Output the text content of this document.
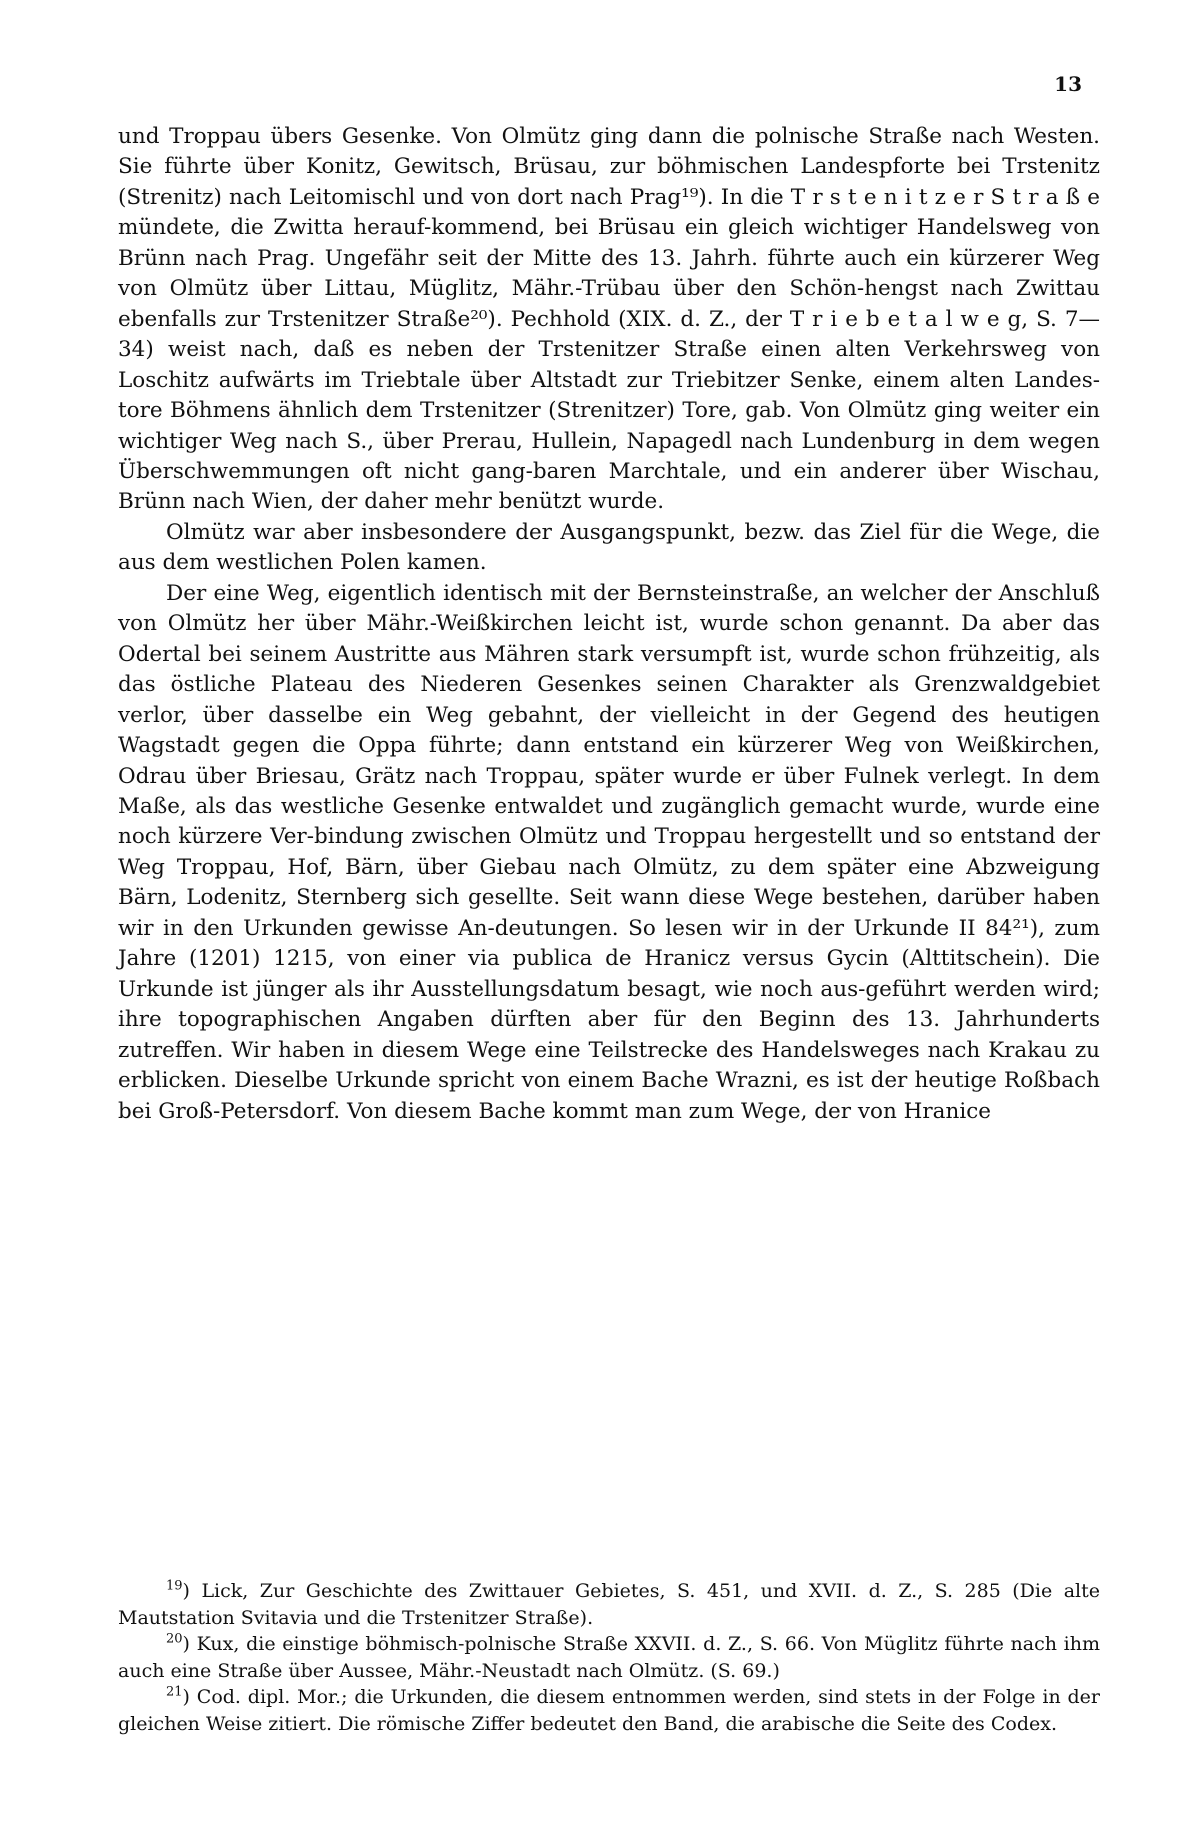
13

und Troppau übers Gesenke. Von Olmütz ging dann die polnische Straße nach Westen. Sie führte über Konitz, Gewitsch, Brüsau, zur böhmischen Landespforte bei Trstenitz (Strenitz) nach Leitomischl und von dort nach Prag¹⁹). In die T r s t e n i t z e r S t r a ß e mündete, die Zwitta herauf-kommend, bei Brüsau ein gleich wichtiger Handelsweg von Brünn nach Prag. Ungefähr seit der Mitte des 13. Jahrh. führte auch ein kürzerer Weg von Olmütz über Littau, Müglitz, Mähr.-Trübau über den Schön-hengst nach Zwittau ebenfalls zur Trstenitzer Straße²⁰). Pechhold (XIX. d. Z., der T r i e b e t a l w e g, S. 7—34) weist nach, daß es neben der Trstenitzer Straße einen alten Verkehrsweg von Loschitz aufwärts im Triebtale über Altstadt zur Triebitzer Senke, einem alten Landes-tore Böhmens ähnlich dem Trstenitzer (Strenitzer) Tore, gab. Von Olmütz ging weiter ein wichtiger Weg nach S., über Prerau, Hullein, Napagedl nach Lundenburg in dem wegen Überschwemmungen oft nicht gang-baren Marchtale, und ein anderer über Wischau, Brünn nach Wien, der daher mehr benützt wurde.

Olmütz war aber insbesondere der Ausgangspunkt, bezw. das Ziel für die Wege, die aus dem westlichen Polen kamen.

Der eine Weg, eigentlich identisch mit der Bernsteinstraße, an welcher der Anschluß von Olmütz her über Mähr.-Weißkirchen leicht ist, wurde schon genannt. Da aber das Odertal bei seinem Austritte aus Mähren stark versumpft ist, wurde schon frühzeitig, als das östliche Plateau des Niederen Gesenkes seinen Charakter als Grenzwaldgebiet verlor, über dasselbe ein Weg gebahnt, der vielleicht in der Gegend des heutigen Wagstadt gegen die Oppa führte; dann entstand ein kürzerer Weg von Weißkirchen, Odrau über Briesau, Grätz nach Troppau, später wurde er über Fulnek verlegt. In dem Maße, als das westliche Gesenke entwaldet und zugänglich gemacht wurde, wurde eine noch kürzere Ver-bindung zwischen Olmütz und Troppau hergestellt und so entstand der Weg Troppau, Hof, Bärn, über Giebau nach Olmütz, zu dem später eine Abzweigung Bärn, Lodenitz, Sternberg sich gesellte. Seit wann diese Wege bestehen, darüber haben wir in den Urkunden gewisse An-deutungen. So lesen wir in der Urkunde II 84²¹), zum Jahre (1201) 1215, von einer via publica de Hranicz versus Gycin (Alttitschein). Die Urkunde ist jünger als ihr Ausstellungsdatum besagt, wie noch aus-geführt werden wird; ihre topographischen Angaben dürften aber für den Beginn des 13. Jahrhunderts zutreffen. Wir haben in diesem Wege eine Teilstrecke des Handelsweges nach Krakau zu erblicken. Dieselbe Urkunde spricht von einem Bache Wrazni, es ist der heutige Roßbach bei Groß-Petersdorf. Von diesem Bache kommt man zum Wege, der von Hranice

$^{19}$) Lick, Zur Geschichte des Zwittauer Gebietes, S. 451, und XVII. d. Z., S. 285 (Die alte Mautstation Svitavia und die Trstenitzer Straße).

$^{20}$) Kux, die einstige böhmisch-polnische Straße XXVII. d. Z., S. 66. Von Müglitz führte nach ihm auch eine Straße über Aussee, Mähr.-Neustadt nach Olmütz. (S. 69.)

$^{21}$) Cod. dipl. Mor.; die Urkunden, die diesem entnommen werden, sind stets in der Folge in der gleichen Weise zitiert. Die römische Ziffer bedeutet den Band, die arabische die Seite des Codex.
